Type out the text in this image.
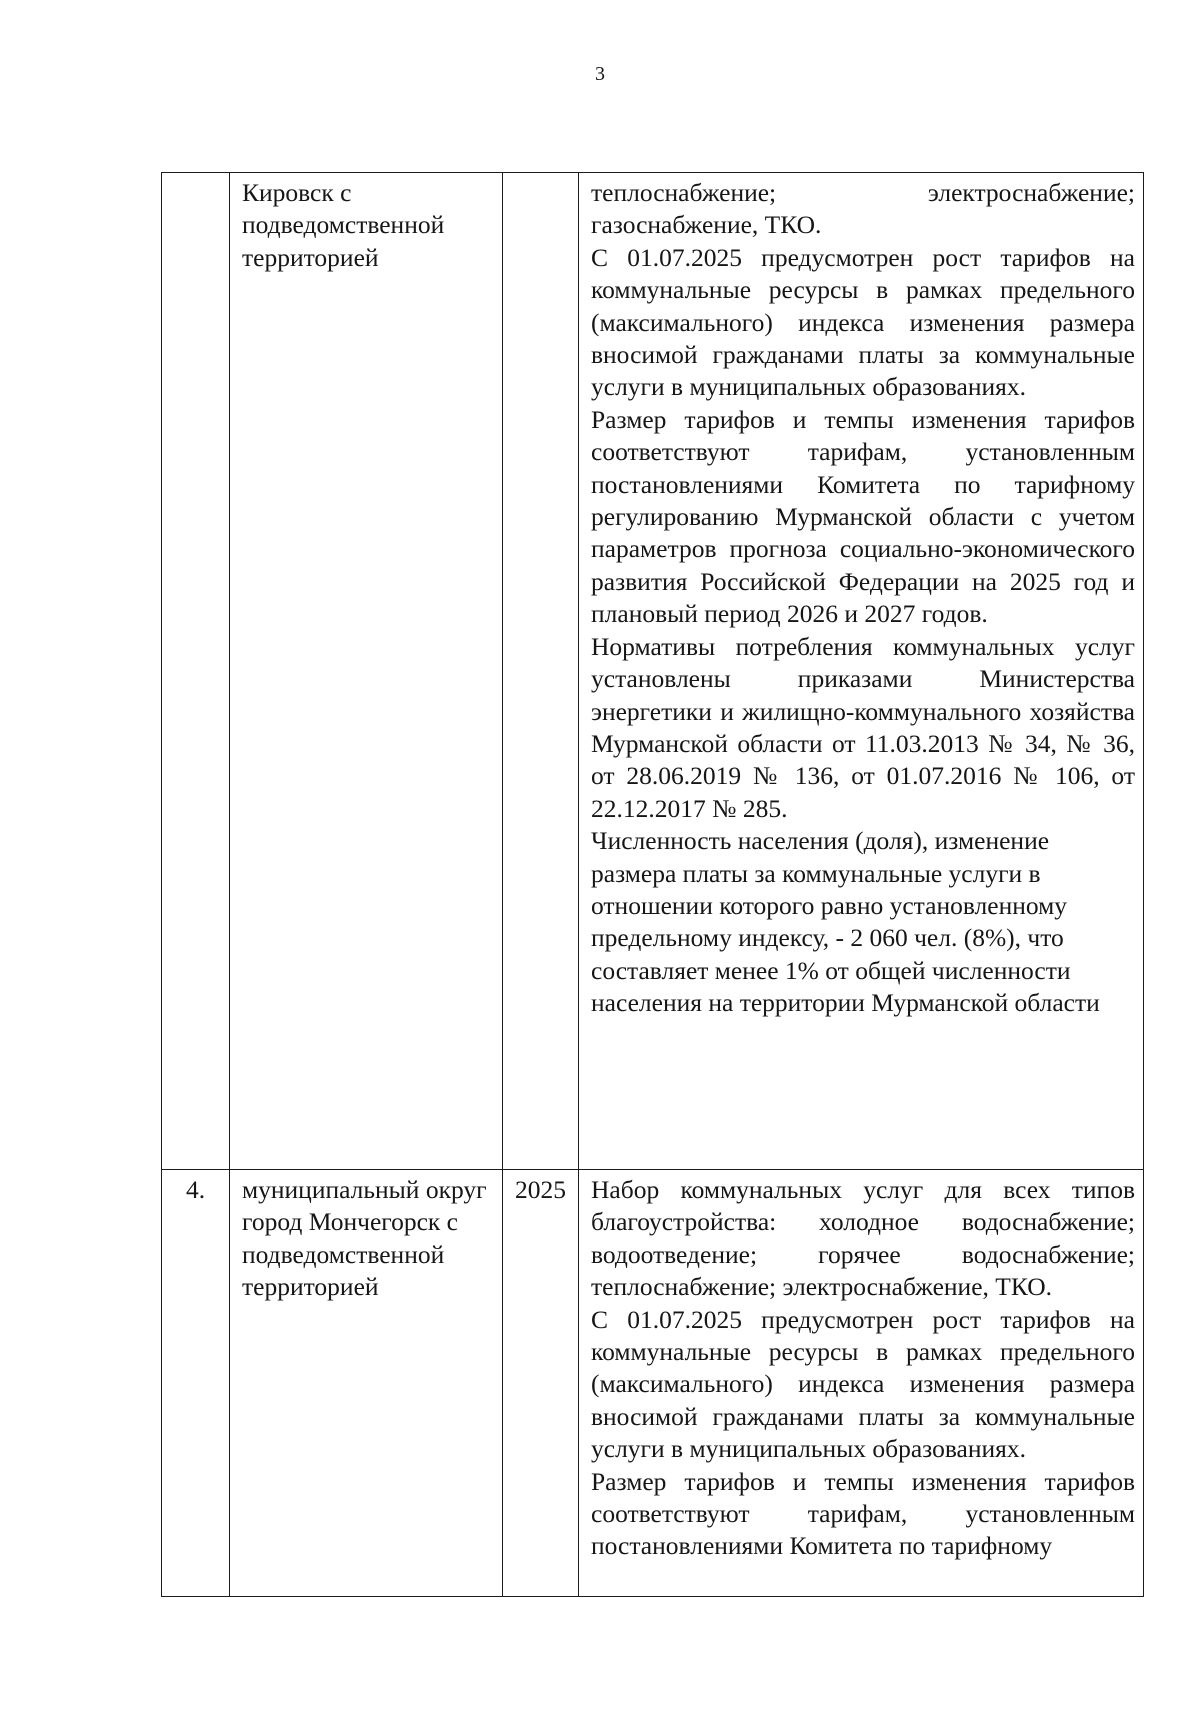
3
	Кировск с подведомственной территорией		теплоснабжение; электроснабжение; газоснабжение, ТКО.

С 01.07.2025 предусмотрен рост тарифов на коммунальные ресурсы в рамках предельного (максимального) индекса изменения размера вносимой гражданами платы за коммунальные услуги в муниципальных образованиях.

Размер тарифов и темпы изменения тарифов соответствуют тарифам, установленным постановлениями Комитета по тарифному регулированию Мурманской области с учетом параметров прогноза социально-экономического развития Российской Федерации на 2025 год и плановый период 2026 и 2027 годов.

Нормативы потребления коммунальных услуг установлены приказами Министерства энергетики и жилищно-коммунального хозяйства Мурманской области от 11.03.2013 № 34, № 36, от 28.06.2019 № 136, от 01.07.2016 № 106, от 22.12.2017 № 285.

Численность населения (доля), изменение размера платы за коммунальные услуги в отношении которого равно установленному предельному индексу, - 2 060 чел. (8%), что составляет менее 1% от общей численности населения на территории Мурманской области

4.	муниципальный округ город Мончегорск с подведомственной территорией	2025	Набор коммунальных услуг для всех типов благоустройства: холодное водоснабжение; водоотведение; горячее водоснабжение; теплоснабжение; электроснабжение, ТКО.

С 01.07.2025 предусмотрен рост тарифов на коммунальные ресурсы в рамках предельного (максимального) индекса изменения размера вносимой гражданами платы за коммунальные услуги в муниципальных образованиях.

Размер тарифов и темпы изменения тарифов соответствуют тарифам, установленным постановлениями Комитета по тарифному
